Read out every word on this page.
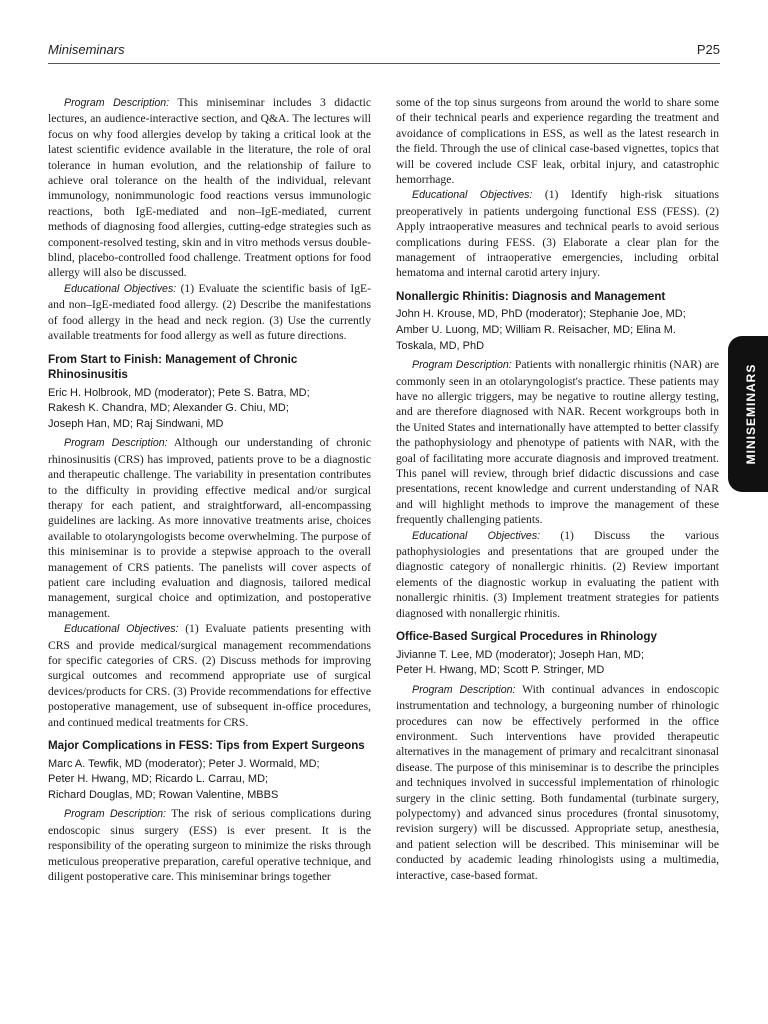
Miniseminars	P25
MINISEMINARS

Program Description: This miniseminar includes 3 didactic lectures, an audience-interactive section, and Q&A. The lectures will focus on why food allergies develop by taking a critical look at the latest scientific evidence available in the literature, the role of oral tolerance in human evolution, and the relationship of failure to achieve oral tolerance on the health of the individual, relevant immunology, nonimmunologic food reactions versus immunologic reactions, both IgE-mediated and non–IgE-mediated, current methods of diagnosing food allergies, cutting-edge strategies such as component-resolved testing, skin and in vitro methods versus double-blind, placebo-controlled food challenge. Treatment options for food allergy will also be discussed.

Educational Objectives: (1) Evaluate the scientific basis of IgE- and non–IgE-mediated food allergy. (2) Describe the manifestations of food allergy in the head and neck region. (3) Use the currently available treatments for food allergy as well as future directions.

From Start to Finish: Management of Chronic Rhinosinusitis
Eric H. Holbrook, MD (moderator); Pete S. Batra, MD;
Rakesh K. Chandra, MD; Alexander G. Chiu, MD;
Joseph Han, MD; Raj Sindwani, MD

Program Description: Although our understanding of chronic rhinosinusitis (CRS) has improved, patients prove to be a diagnostic and therapeutic challenge. The variability in presentation contributes to the difficulty in providing effective medical and/or surgical therapy for each patient, and straightforward, all-encompassing guidelines are lacking. As more innovative treatments arise, choices available to otolaryngologists become overwhelming. The purpose of this miniseminar is to provide a stepwise approach to the overall management of CRS patients. The panelists will cover aspects of patient care including evaluation and diagnosis, tailored medical management, surgical choice and optimization, and postoperative management.

Educational Objectives: (1) Evaluate patients presenting with CRS and provide medical/surgical management recommendations for specific categories of CRS. (2) Discuss methods for improving surgical outcomes and recommend appropriate use of surgical devices/products for CRS. (3) Provide recommendations for effective postoperative management, use of subsequent in-office procedures, and continued medical treatments for CRS.

Major Complications in FESS: Tips from Expert Surgeons
Marc A. Tewfik, MD (moderator); Peter J. Wormald, MD;
Peter H. Hwang, MD; Ricardo L. Carrau, MD;
Richard Douglas, MD; Rowan Valentine, MBBS

Program Description: The risk of serious complications during endoscopic sinus surgery (ESS) is ever present. It is the responsibility of the operating surgeon to minimize the risks through meticulous preoperative preparation, careful operative technique, and diligent postoperative care. This miniseminar brings together

some of the top sinus surgeons from around the world to share some of their technical pearls and experience regarding the treatment and avoidance of complications in ESS, as well as the latest research in the field. Through the use of clinical case-based vignettes, topics that will be covered include CSF leak, orbital injury, and catastrophic hemorrhage.

Educational Objectives: (1) Identify high-risk situations preoperatively in patients undergoing functional ESS (FESS). (2) Apply intraoperative measures and technical pearls to avoid serious complications during FESS. (3) Elaborate a clear plan for the management of intraoperative emergencies, including orbital hematoma and internal carotid artery injury.

Nonallergic Rhinitis: Diagnosis and Management
John H. Krouse, MD, PhD (moderator); Stephanie Joe, MD;
Amber U. Luong, MD; William R. Reisacher, MD; Elina M.
Toskala, MD, PhD

Program Description: Patients with nonallergic rhinitis (NAR) are commonly seen in an otolaryngologist's practice. These patients may have no allergic triggers, may be negative to routine allergy testing, and are therefore diagnosed with NAR. Recent workgroups both in the United States and internationally have attempted to better classify the pathophysiology and phenotype of patients with NAR, with the goal of facilitating more accurate diagnosis and improved treatment. This panel will review, through brief didactic discussions and case presentations, recent knowledge and current understanding of NAR and will highlight methods to improve the management of these frequently challenging patients.

Educational Objectives: (1) Discuss the various pathophysiologies and presentations that are grouped under the diagnostic category of nonallergic rhinitis. (2) Review important elements of the diagnostic workup in evaluating the patient with nonallergic rhinitis. (3) Implement treatment strategies for patients diagnosed with nonallergic rhinitis.

Office-Based Surgical Procedures in Rhinology
Jivianne T. Lee, MD (moderator); Joseph Han, MD;
Peter H. Hwang, MD; Scott P. Stringer, MD

Program Description: With continual advances in endoscopic instrumentation and technology, a burgeoning number of rhinologic procedures can now be effectively performed in the office environment. Such interventions have provided therapeutic alternatives in the management of primary and recalcitrant sinonasal disease. The purpose of this miniseminar is to describe the principles and techniques involved in successful implementation of rhinologic surgery in the clinic setting. Both fundamental (turbinate surgery, polypectomy) and advanced sinus procedures (frontal sinusotomy, revision surgery) will be discussed. Appropriate setup, anesthesia, and patient selection will be described. This miniseminar will be conducted by academic leading rhinologists using a multimedia, interactive, case-based format.
